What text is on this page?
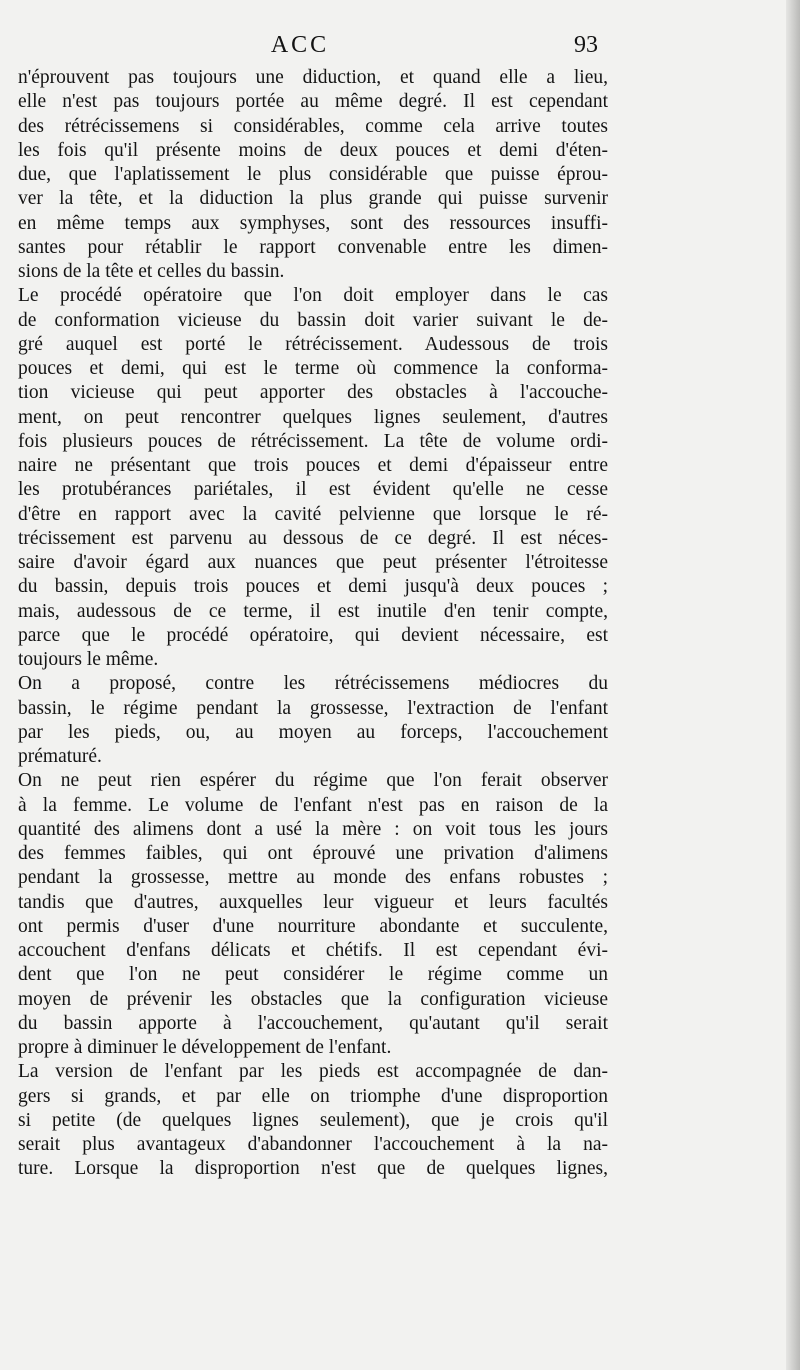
ACC	93
n'éprouvent pas toujours une diduction, et quand elle a lieu,
elle n'est pas toujours portée au même degré. Il est cependant
des rétrécissemens si considérables, comme cela arrive toutes
les fois qu'il présente moins de deux pouces et demi d'éten-
due, que l'aplatissement le plus considérable que puisse éprou-
ver la tête, et la diduction la plus grande qui puisse survenir
en même temps aux symphyses, sont des ressources insuffi-
santes pour rétablir le rapport convenable entre les dimen-
sions de la tête et celles du bassin.
Le procédé opératoire que l'on doit employer dans le cas
de conformation vicieuse du bassin doit varier suivant le de-
gré auquel est porté le rétrécissement. Audessous de trois
pouces et demi, qui est le terme où commence la conforma-
tion vicieuse qui peut apporter des obstacles à l'accouche-
ment, on peut rencontrer quelques lignes seulement, d'autres
fois plusieurs pouces de rétrécissement. La tête de volume ordi-
naire ne présentant que trois pouces et demi d'épaisseur entre
les protubérances pariétales, il est évident qu'elle ne cesse
d'être en rapport avec la cavité pelvienne que lorsque le ré-
trécissement est parvenu au dessous de ce degré. Il est néces-
saire d'avoir égard aux nuances que peut présenter l'étroitesse
du bassin, depuis trois pouces et demi jusqu'à deux pouces ;
mais, audessous de ce terme, il est inutile d'en tenir compte,
parce que le procédé opératoire, qui devient nécessaire, est
toujours le même.
On a proposé, contre les rétrécissemens médiocres du
bassin, le régime pendant la grossesse, l'extraction de l'enfant
par les pieds, ou, au moyen au forceps, l'accouchement
prématuré.
On ne peut rien espérer du régime que l'on ferait observer
à la femme. Le volume de l'enfant n'est pas en raison de la
quantité des alimens dont a usé la mère : on voit tous les jours
des femmes faibles, qui ont éprouvé une privation d'alimens
pendant la grossesse, mettre au monde des enfans robustes ;
tandis que d'autres, auxquelles leur vigueur et leurs facultés
ont permis d'user d'une nourriture abondante et succulente,
accouchent d'enfans délicats et chétifs. Il est cependant évi-
dent que l'on ne peut considérer le régime comme un
moyen de prévenir les obstacles que la configuration vicieuse
du bassin apporte à l'accouchement, qu'autant qu'il serait
propre à diminuer le développement de l'enfant.
La version de l'enfant par les pieds est accompagnée de dan-
gers si grands, et par elle on triomphe d'une disproportion
si petite (de quelques lignes seulement), que je crois qu'il
serait plus avantageux d'abandonner l'accouchement à la na-
ture. Lorsque la disproportion n'est que de quelques lignes,
